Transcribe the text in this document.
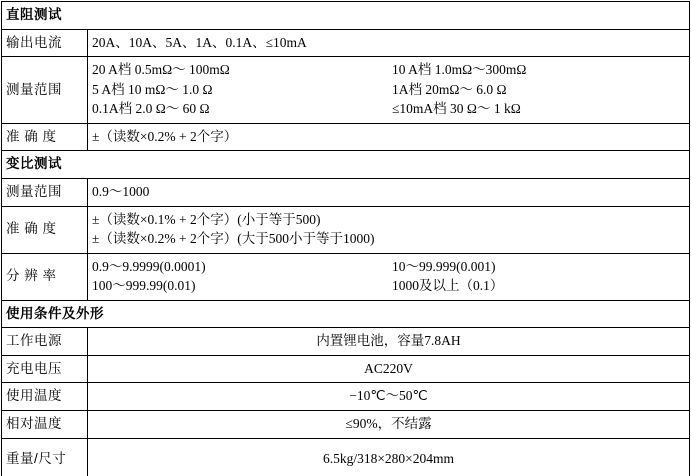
直阻测试	
输出电流	20A、10A、5A、1A、0.1A、≤10mA
测量范围	
20 A档 0.5mΩ～ 100mΩ	10 A档 1.0mΩ～300mΩ
5 A档 10 mΩ～ 1.0 Ω	1A档 20mΩ～ 6.0 Ω
0.1A档 2.0 Ω～ 60 Ω	≤10mA档 30 Ω～ 1 kΩ

准 确 度	±（读数×0.2% + 2个字）
变比测试	
测量范围	0.9～1000
准 确 度	±（读数×0.1% + 2个字）(小于等于500)
±（读数×0.2% + 2个字）(大于500小于等于1000)

分 辨 率	0.9～9.9999(0.0001) 10～99.999(0.001)
100～999.99(0.01) 1000及以上（0.1）

使用条件及外形	
工作电源	内置锂电池，容量7.8AH
充电电压	AC220V
使用温度	−10℃～50℃
相对温度	≤90%，不结露
重量/尺寸	6.5kg/318×280×204mm
